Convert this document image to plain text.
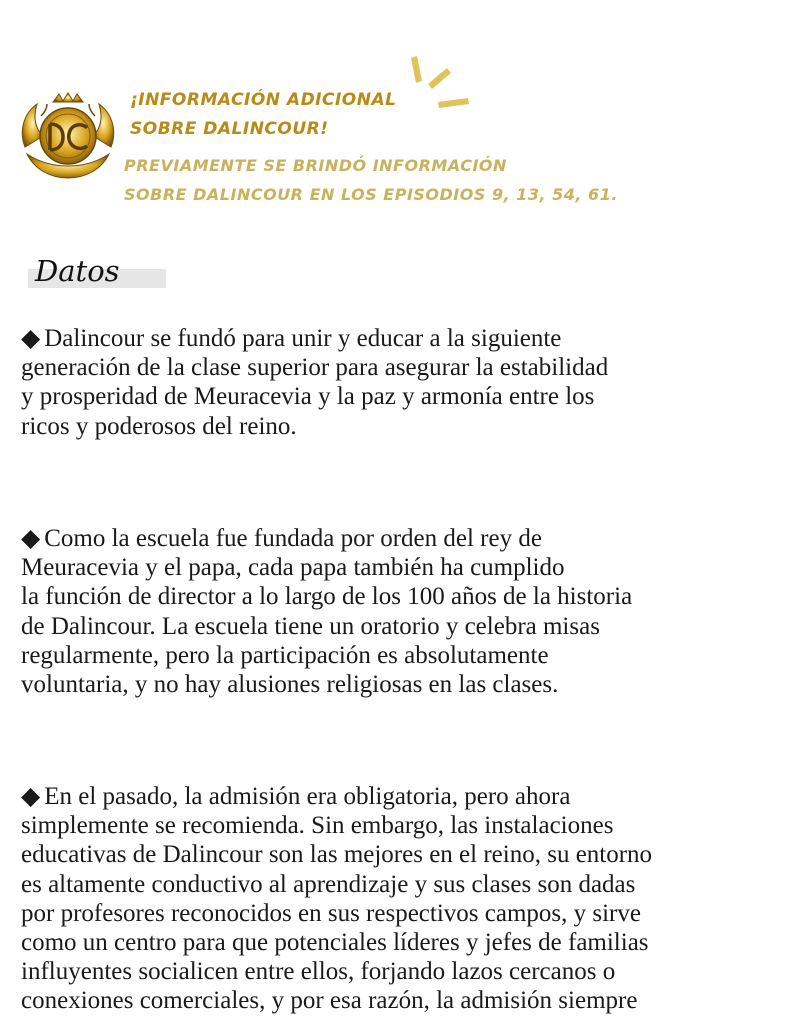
¡INFORMACIÓN ADICIONAL
SOBRE DALINCOUR!
PREVIAMENTE SE BRINDÓ INFORMACIÓN
SOBRE DALINCOUR EN LOS EPISODIOS 9, 13, 54, 61.
Datos

◆ Dalincour se fundó para unir y educar a la siguiente
generación de la clase superior para asegurar la estabilidad
y prosperidad de Meuracevia y la paz y armonía entre los
ricos y poderosos del reino.

◆ Como la escuela fue fundada por orden del rey de
Meuracevia y el papa, cada papa también ha cumplido
la función de director a lo largo de los 100 años de la historia
de Dalincour. La escuela tiene un oratorio y celebra misas
regularmente, pero la participación es absolutamente
voluntaria, y no hay alusiones religiosas en las clases.

◆ En el pasado, la admisión era obligatoria, pero ahora
simplemente se recomienda. Sin embargo, las instalaciones
educativas de Dalincour son las mejores en el reino, su entorno
es altamente conductivo al aprendizaje y sus clases son dadas
por profesores reconocidos en sus respectivos campos, y sirve
como un centro para que potenciales líderes y jefes de familias
influyentes socialicen entre ellos, forjando lazos cercanos o
conexiones comerciales, y por esa razón, la admisión siempre
